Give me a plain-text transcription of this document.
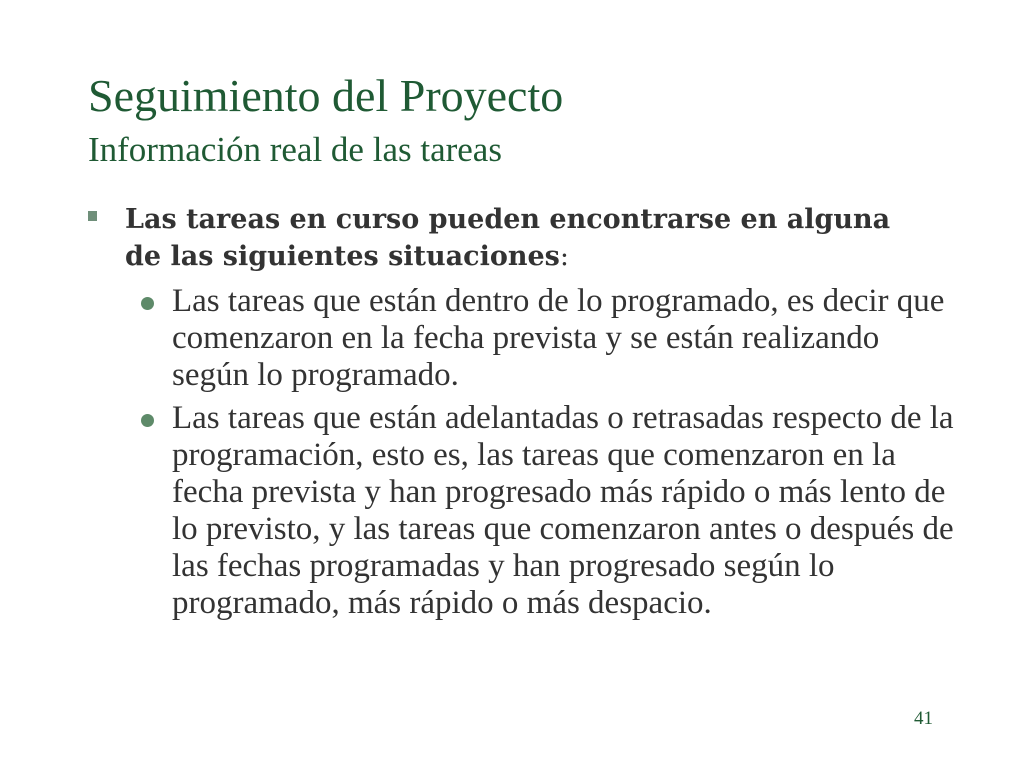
Seguimiento del Proyecto
Información real de las tareas

Las tareas en curso pueden encontrarse en alguna de las siguientes situaciones:

Las tareas que están dentro de lo programado, es decir que comenzaron en la fecha prevista y se están realizando según lo programado.

Las tareas que están adelantadas o retrasadas respecto de la programación, esto es, las tareas que comenzaron en la fecha prevista y han progresado más rápido o más lento de lo previsto, y las tareas que comenzaron antes o después de las fechas programadas y han progresado según lo programado, más rápido o más despacio.

41
